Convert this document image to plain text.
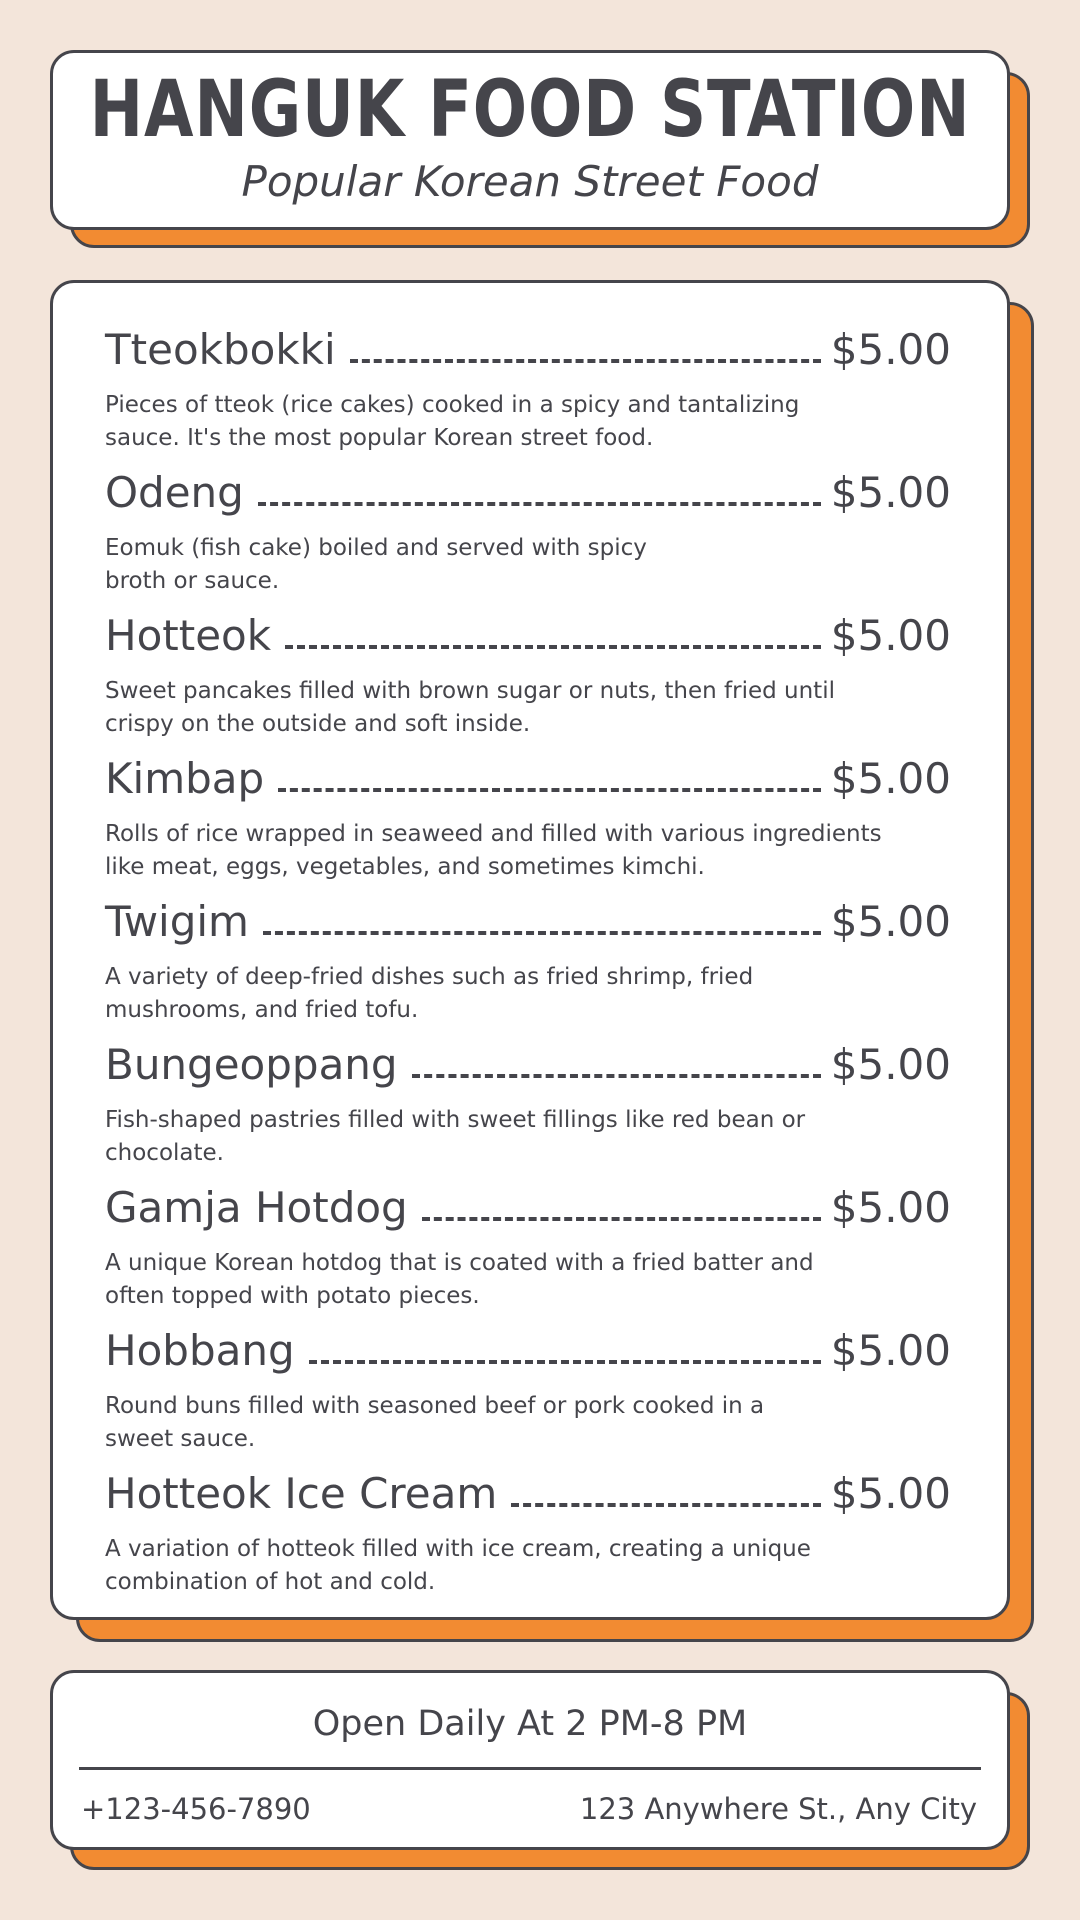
HANGUK FOOD STATION
Popular Korean Street Food
Tteokbokki	$5.00
Pieces of tteok (rice cakes) cooked in a spicy and tantalizing sauce. It's the most popular Korean street food.
Odeng	$5.00
Eomuk (fish cake) boiled and served with spicy broth or sauce.
Hotteok	$5.00
Sweet pancakes filled with brown sugar or nuts, then fried until crispy on the outside and soft inside.
Kimbap	$5.00
Rolls of rice wrapped in seaweed and filled with various ingredients like meat, eggs, vegetables, and sometimes kimchi.
Twigim	$5.00
A variety of deep-fried dishes such as fried shrimp, fried mushrooms, and fried tofu.
Bungeoppang	$5.00
Fish-shaped pastries filled with sweet fillings like red bean or chocolate.
Gamja Hotdog	$5.00
A unique Korean hotdog that is coated with a fried batter and often topped with potato pieces.
Hobbang	$5.00
Round buns filled with seasoned beef or pork cooked in a sweet sauce.
Hotteok Ice Cream	$5.00
A variation of hotteok filled with ice cream, creating a unique combination of hot and cold.
Open Daily At 2 PM-8 PM
+123-456-7890	123 Anywhere St., Any City
